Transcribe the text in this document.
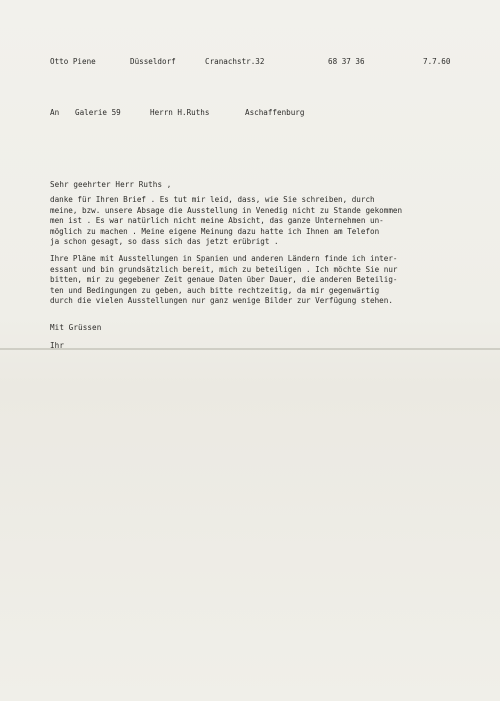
Otto Piene	Düsseldorf	Cranachstr.32	68 37 36	7.7.60
An Galerie 59	Herrn H.Ruths	Aschaffenburg
Sehr geehrter Herr Ruths ,
danke für Ihren Brief . Es tut mir leid, dass, wie Sie schreiben, durch
meine, bzw. unsere Absage die Ausstellung in Venedig nicht zu Stande gekommen
men ist . Es war natürlich nicht meine Absicht, das ganze Unternehmen un-
möglich zu machen . Meine eigene Meinung dazu hatte ich Ihnen am Telefon
ja schon gesagt, so dass sich das jetzt erübrigt .
Ihre Pläne mit Ausstellungen in Spanien und anderen Ländern finde ich inter-
essant und bin grundsätzlich bereit, mich zu beteiligen . Ich möchte Sie nur
bitten, mir zu gegebener Zeit genaue Daten über Dauer, die anderen Beteilig-
ten und Bedingungen zu geben, auch bitte rechtzeitig, da mir gegenwärtig
durch die vielen Ausstellungen nur ganz wenige Bilder zur Verfügung stehen.
Mit Grüssen
Ihr
